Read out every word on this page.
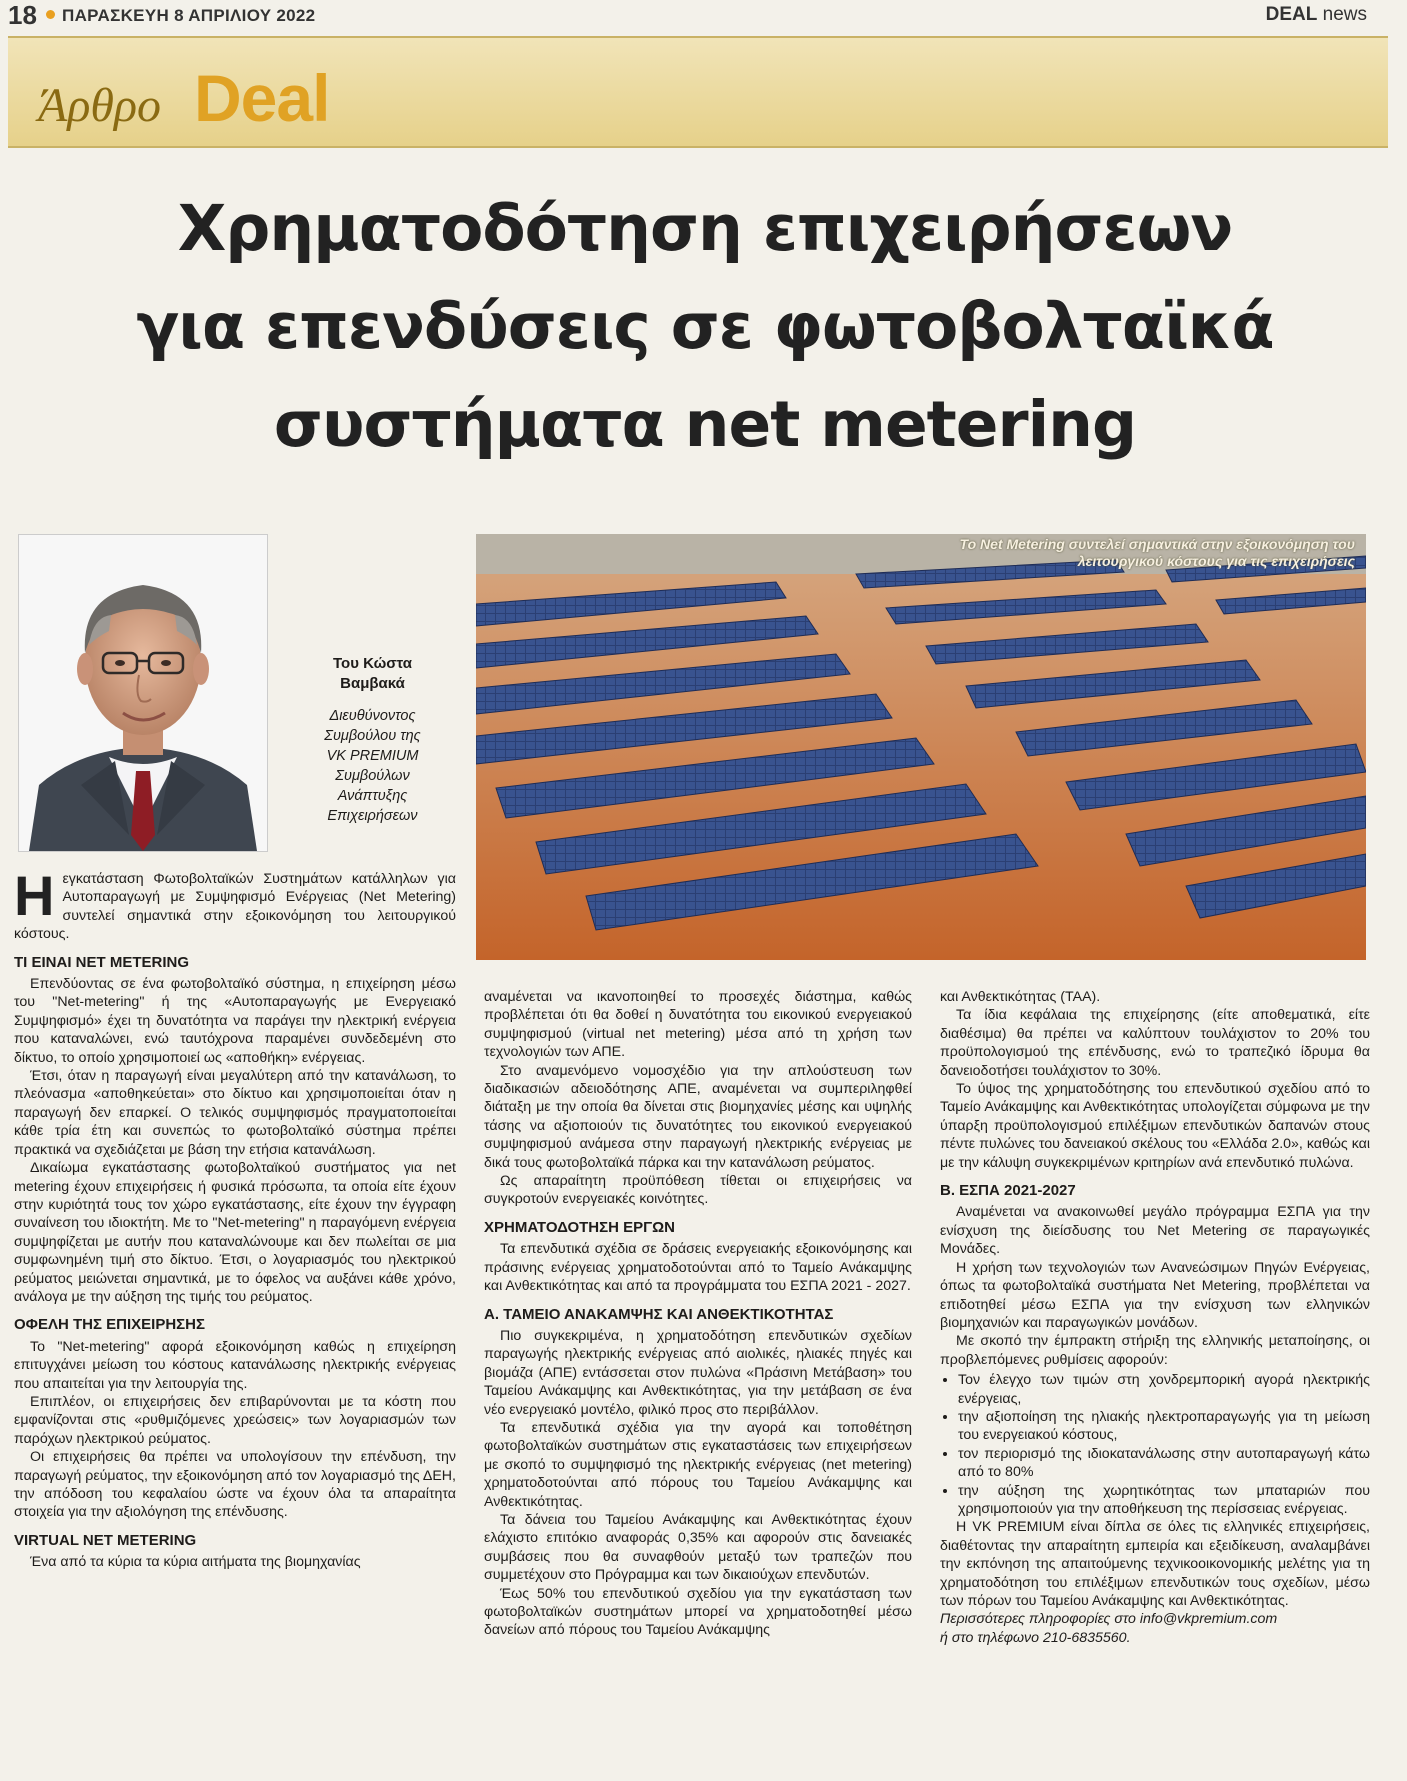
18 ΠΑΡΑΣΚΕΥΗ 8 ΑΠΡΙΛΙΟΥ 2022	DEAL news
Άρθρο Deal
Χρηματοδότηση επιχειρήσεων
για επενδύσεις σε φωτοβολταϊκά
συστήματα net metering
Του Κώστα
Βαμβακά
Διευθύνοντος
Συμβούλου της
VK PREMIUM
Συμβούλων
Ανάπτυξης
Επιχειρήσεων
Το Net Metering συντελεί σημαντικά στην εξοικονόμηση του
λειτουργικού κόστους για τις επιχειρήσεις

Ηεγκατάσταση Φωτοβολταϊκών Συστημάτων κατάλληλων για Αυτοπαραγωγή με Συμψηφισμό Ενέργειας (Net Metering) συντελεί σημαντικά στην εξοικονόμηση του λειτουργικού κόστους.

ΤΙ ΕΙΝΑΙ NET METERING

Επενδύοντας σε ένα φωτοβολταϊκό σύστημα, η επιχείρηση μέσω του "Net-metering" ή της «Αυτοπαραγωγής με Ενεργειακό Συμψηφισμό» έχει τη δυνατότητα να παράγει την ηλεκτρική ενέργεια που καταναλώνει, ενώ ταυτόχρονα παραμένει συνδεδεμένη στο δίκτυο, το οποίο χρησιμοποιεί ως «αποθήκη» ενέργειας.

Έτσι, όταν η παραγωγή είναι μεγαλύτερη από την κατανάλωση, το πλεόνασμα «αποθηκεύεται» στο δίκτυο και χρησιμοποιείται όταν η παραγωγή δεν επαρκεί. Ο τελικός συμψηφισμός πραγματοποιείται κάθε τρία έτη και συνεπώς το φωτοβολταϊκό σύστημα πρέπει πρακτικά να σχεδιάζεται με βάση την ετήσια κατανάλωση.

Δικαίωμα εγκατάστασης φωτοβολταϊκού συστήματος για net metering έχουν επιχειρήσεις ή φυσικά πρόσωπα, τα οποία είτε έχουν στην κυριότητά τους τον χώρο εγκατάστασης, είτε έχουν την έγγραφη συναίνεση του ιδιοκτήτη. Με το "Net-metering" η παραγόμενη ενέργεια συμψηφίζεται με αυτήν που καταναλώνουμε και δεν πωλείται σε μια συμφωνημένη τιμή στο δίκτυο. Έτσι, ο λογαριασμός του ηλεκτρικού ρεύματος μειώνεται σημαντικά, με το όφελος να αυξάνει κάθε χρόνο, ανάλογα με την αύξηση της τιμής του ρεύματος.

ΟΦΕΛΗ ΤΗΣ ΕΠΙΧΕΙΡΗΣΗΣ

Το "Net-metering" αφορά εξοικονόμηση καθώς η επιχείρηση επιτυγχάνει μείωση του κόστους κατανάλωσης ηλεκτρικής ενέργειας που απαιτείται για την λειτουργία της.

Επιπλέον, οι επιχειρήσεις δεν επιβαρύνονται με τα κόστη που εμφανίζονται στις «ρυθμιζόμενες χρεώσεις» των λογαριασμών των παρόχων ηλεκτρικού ρεύματος.

Οι επιχειρήσεις θα πρέπει να υπολογίσουν την επένδυση, την παραγωγή ρεύματος, την εξοικονόμηση από τον λογαριασμό της ΔΕΗ, την απόδοση του κεφαλαίου ώστε να έχουν όλα τα απαραίτητα στοιχεία για την αξιολόγηση της επένδυσης.

VIRTUAL NET METERING

Ένα από τα κύρια τα κύρια αιτήματα της βιομηχανίας

αναμένεται να ικανοποιηθεί το προσεχές διάστημα, καθώς προβλέπεται ότι θα δοθεί η δυνατότητα του εικονικού ενεργειακού συμψηφισμού (virtual net metering) μέσα από τη χρήση των τεχνολογιών των ΑΠΕ.

Στο αναμενόμενο νομοσχέδιο για την απλούστευση των διαδικασιών αδειοδότησης ΑΠΕ, αναμένεται να συμπεριληφθεί διάταξη με την οποία θα δίνεται στις βιομηχανίες μέσης και υψηλής τάσης να αξιοποιούν τις δυνατότητες του εικονικού ενεργειακού συμψηφισμού ανάμεσα στην παραγωγή ηλεκτρικής ενέργειας με δικά τους φωτοβολταϊκά πάρκα και την κατανάλωση ρεύματος.

Ως απαραίτητη προϋπόθεση τίθεται οι επιχειρήσεις να συγκροτούν ενεργειακές κοινότητες.

ΧΡΗΜΑΤΟΔΟΤΗΣΗ ΕΡΓΩΝ

Τα επενδυτικά σχέδια σε δράσεις ενεργειακής εξοικονόμησης και πράσινης ενέργειας χρηματοδοτούνται από το Ταμείο Ανάκαμψης και Ανθεκτικότητας και από τα προγράμματα του ΕΣΠΑ 2021 - 2027.

Α. ΤΑΜΕΙΟ ΑΝΑΚΑΜΨΗΣ ΚΑΙ ΑΝΘΕΚΤΙΚΟΤΗΤΑΣ

Πιο συγκεκριμένα, η χρηματοδότηση επενδυτικών σχεδίων παραγωγής ηλεκτρικής ενέργειας από αιολικές, ηλιακές πηγές και βιομάζα (ΑΠΕ) εντάσσεται στον πυλώνα «Πράσινη Μετάβαση» του Ταμείου Ανάκαμψης και Ανθεκτικότητας, για την μετάβαση σε ένα νέο ενεργειακό μοντέλο, φιλικό προς στο περιβάλλον.

Τα επενδυτικά σχέδια για την αγορά και τοποθέτηση φωτοβολταϊκών συστημάτων στις εγκαταστάσεις των επιχειρήσεων με σκοπό το συμψηφισμό της ηλεκτρικής ενέργειας (net metering) χρηματοδοτούνται από πόρους του Ταμείου Ανάκαμψης και Ανθεκτικότητας.

Τα δάνεια του Ταμείου Ανάκαμψης και Ανθεκτικότητας έχουν ελάχιστο επιτόκιο αναφοράς 0,35% και αφορούν στις δανειακές συμβάσεις που θα συναφθούν μεταξύ των τραπεζών που συμμετέχουν στο Πρόγραμμα και των δικαιούχων επενδυτών.

Έως 50% του επενδυτικού σχεδίου για την εγκατάσταση των φωτοβολταϊκών συστημάτων μπορεί να χρηματοδοτηθεί μέσω δανείων από πόρους του Ταμείου Ανάκαμψης

και Ανθεκτικότητας (ΤΑΑ).

Τα ίδια κεφάλαια της επιχείρησης (είτε αποθεματικά, είτε διαθέσιμα) θα πρέπει να καλύπτουν τουλάχιστον το 20% του προϋπολογισμού της επένδυσης, ενώ το τραπεζικό ίδρυμα θα δανειοδοτήσει τουλάχιστον το 30%.

Το ύψος της χρηματοδότησης του επενδυτικού σχεδίου από το Ταμείο Ανάκαμψης και Ανθεκτικότητας υπολογίζεται σύμφωνα με την ύπαρξη προϋπολογισμού επιλέξιμων επενδυτικών δαπανών στους πέντε πυλώνες του δανειακού σκέλους του «Ελλάδα 2.0», καθώς και με την κάλυψη συγκεκριμένων κριτηρίων ανά επενδυτικό πυλώνα.

Β. ΕΣΠΑ 2021-2027

Αναμένεται να ανακοινωθεί μεγάλο πρόγραμμα ΕΣΠΑ για την ενίσχυση της διείσδυσης του Net Metering σε παραγωγικές Μονάδες.

Η χρήση των τεχνολογιών των Ανανεώσιμων Πηγών Ενέργειας, όπως τα φωτοβολταϊκά συστήματα Net Metering, προβλέπεται να επιδοτηθεί μέσω ΕΣΠΑ για την ενίσχυση των ελληνικών βιομηχανιών και παραγωγικών μονάδων.

Με σκοπό την έμπρακτη στήριξη της ελληνικής μεταποίησης, οι προβλεπόμενες ρυθμίσεις αφορούν:

• Τον έλεγχο των τιμών στη χονδρεμπορική αγορά ηλεκτρικής ενέργειας,
• την αξιοποίηση της ηλιακής ηλεκτροπαραγωγής για τη μείωση του ενεργειακού κόστους,
• τον περιορισμό της ιδιοκατανάλωσης στην αυτοπαραγωγή κάτω από το 80%
• την αύξηση της χωρητικότητας των μπαταριών που χρησιμοποιούν για την αποθήκευση της περίσσειας ενέργειας.

Η VK PREMIUM είναι δίπλα σε όλες τις ελληνικές επιχειρήσεις, διαθέτοντας την απαραίτητη εμπειρία και εξειδίκευση, αναλαμβάνει την εκπόνηση της απαιτούμενης τεχνικοοικονομικής μελέτης για τη χρηματοδότηση του επιλέξιμων επενδυτικών τους σχεδίων, μέσω των πόρων του Ταμείου Ανάκαμψης και Ανθεκτικότητας.

Περισσότερες πληροφορίες στο info@vkpremium.com
ή στο τηλέφωνο 210-6835560.
